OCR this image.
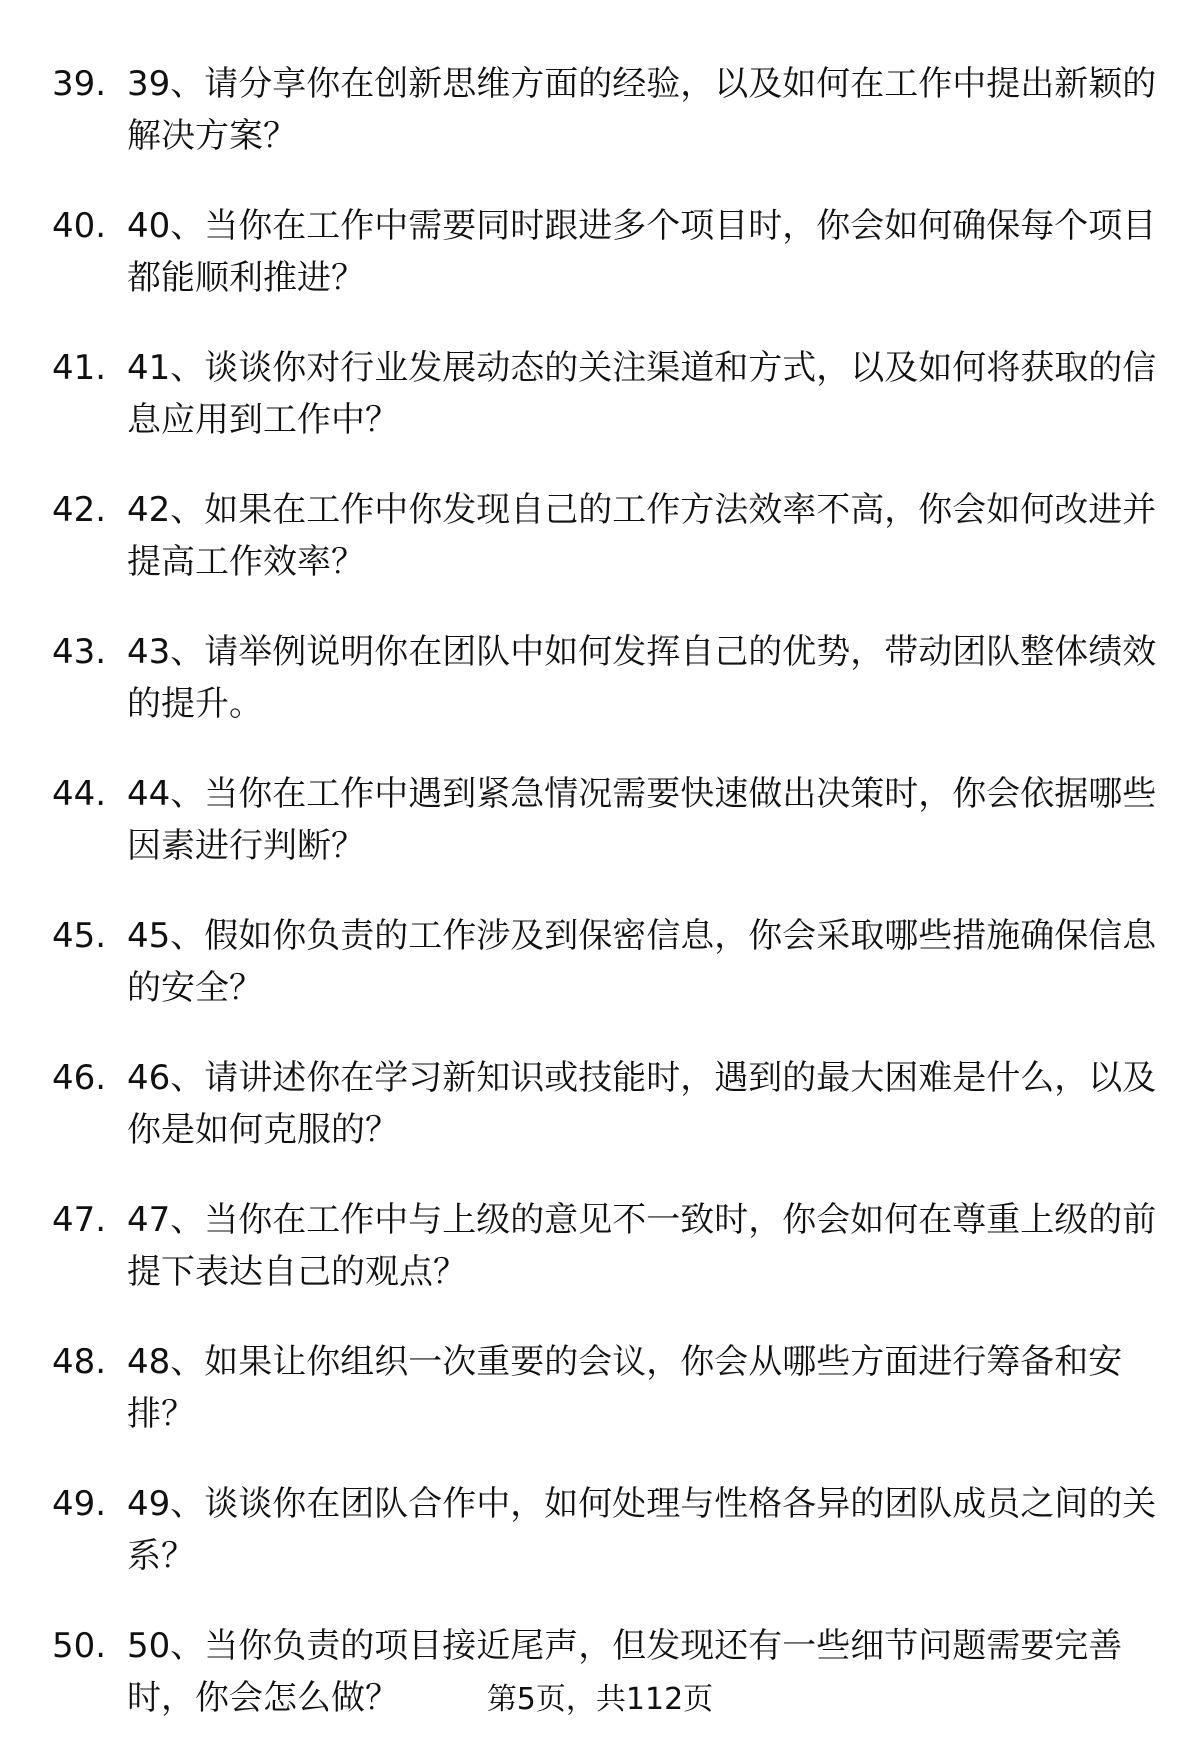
39. 39、请分享你在创新思维方面的经验，以及如何在工作中提出新颖的解决方案？
40. 40、当你在工作中需要同时跟进多个项目时，你会如何确保每个项目都能顺利推进？
41. 41、谈谈你对行业发展动态的关注渠道和方式，以及如何将获取的信息应用到工作中？
42. 42、如果在工作中你发现自己的工作方法效率不高，你会如何改进并提高工作效率？
43. 43、请举例说明你在团队中如何发挥自己的优势，带动团队整体绩效的提升。
44. 44、当你在工作中遇到紧急情况需要快速做出决策时，你会依据哪些因素进行判断？
45. 45、假如你负责的工作涉及到保密信息，你会采取哪些措施确保信息的安全？
46. 46、请讲述你在学习新知识或技能时，遇到的最大困难是什么，以及你是如何克服的？
47. 47、当你在工作中与上级的意见不一致时，你会如何在尊重上级的前提下表达自己的观点？
48. 48、如果让你组织一次重要的会议，你会从哪些方面进行筹备和安排？
49. 49、谈谈你在团队合作中，如何处理与性格各异的团队成员之间的关系？
50. 50、当你负责的项目接近尾声，但发现还有一些细节问题需要完善时，你会怎么做？	第5页，共112页
